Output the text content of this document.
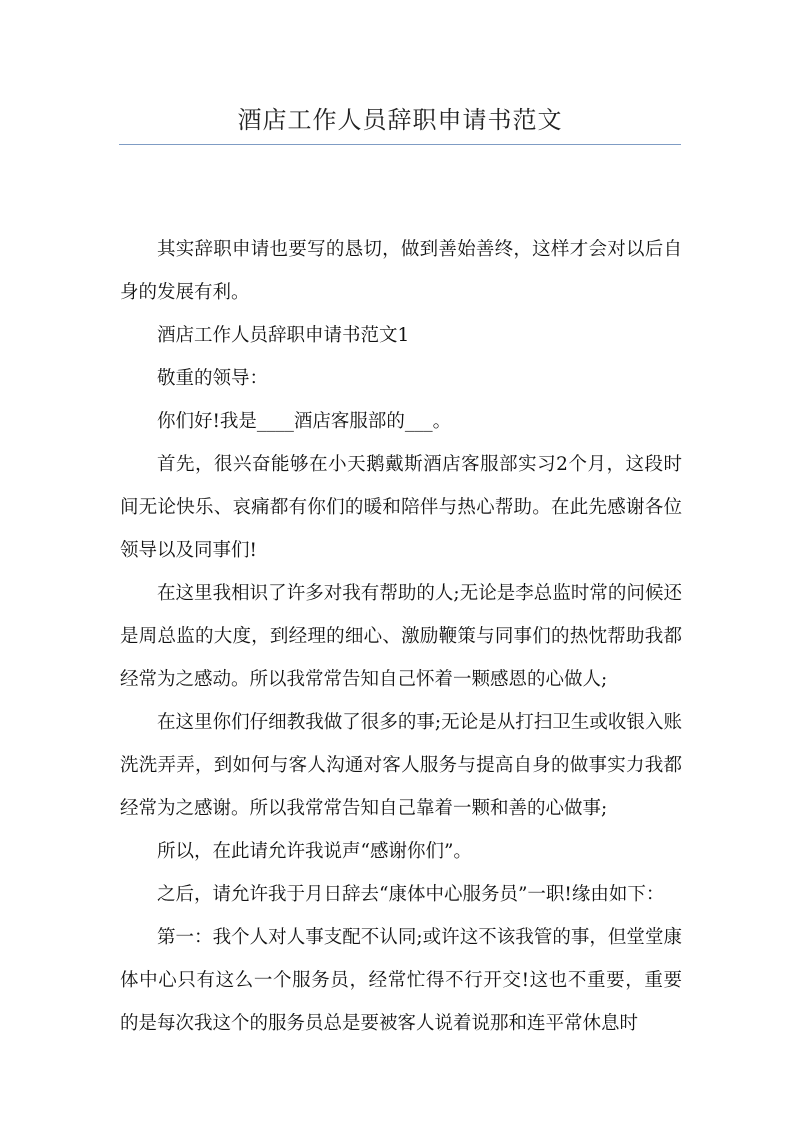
酒店工作人员辞职申请书范文

其实辞职申请也要写的恳切，做到善始善终，这样才会对以后自身的发展有利。

酒店工作人员辞职申请书范文1

敬重的领导：

你们好!我是____酒店客服部的___。

首先，很兴奋能够在小天鹅戴斯酒店客服部实习2个月，这段时间无论快乐、哀痛都有你们的暖和陪伴与热心帮助。在此先感谢各位领导以及同事们!

在这里我相识了许多对我有帮助的人;无论是李总监时常的问候还是周总监的大度，到经理的细心、激励鞭策与同事们的热忱帮助我都经常为之感动。所以我常常告知自己怀着一颗感恩的心做人;

在这里你们仔细教我做了很多的事;无论是从打扫卫生或收银入账洗洗弄弄，到如何与客人沟通对客人服务与提高自身的做事实力我都经常为之感谢。所以我常常告知自己靠着一颗和善的心做事;

所以，在此请允许我说声“感谢你们”。

之后，请允许我于月日辞去“康体中心服务员”一职!缘由如下：

第一：我个人对人事支配不认同;或许这不该我管的事，但堂堂康体中心只有这么一个服务员，经常忙得不行开交!这也不重要，重要的是每次我这个的服务员总是要被客人说着说那和连平常休息时
